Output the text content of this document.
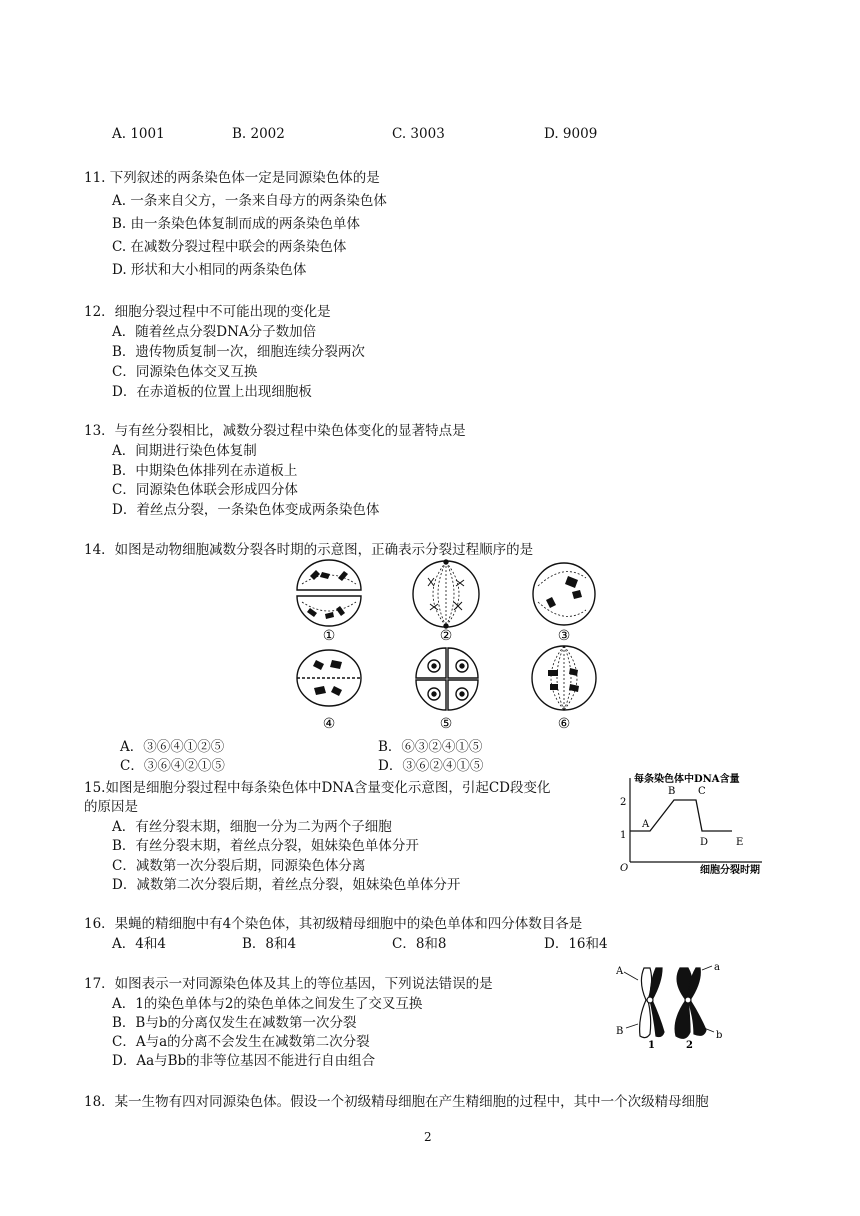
A. 1001	B. 2002	C. 3003	D. 9009
11. 下列叙述的两条染色体一定是同源染色体的是
A. 一条来自父方，一条来自母方的两条染色体
B. 由一条染色体复制而成的两条染色单体
C. 在减数分裂过程中联会的两条染色体
D. 形状和大小相同的两条染色体
12．细胞分裂过程中不可能出现的变化是
A．随着丝点分裂DNA分子数加倍
B．遗传物质复制一次，细胞连续分裂两次
C．同源染色体交叉互换
D．在赤道板的位置上出现细胞板
13．与有丝分裂相比，减数分裂过程中染色体变化的显著特点是
A．间期进行染色体复制
B．中期染色体排列在赤道板上
C．同源染色体联会形成四分体
D．着丝点分裂，一条染色体变成两条染色体
14．如图是动物细胞减数分裂各时期的示意图，正确表示分裂过程顺序的是
①	②	③
④	⑤	⑥
A．③⑥④①②⑤	B．⑥③②④①⑤
C．③⑥④②①⑤	D．③⑥②④①⑤
15.如图是细胞分裂过程中每条染色体中DNA含量变化示意图，引起CD段变化
的原因是
A．有丝分裂末期，细胞一分为二为两个子细胞
B．有丝分裂末期，着丝点分裂，姐妹染色单体分开
C．减数第一次分裂后期，同源染色体分离
D．减数第二次分裂后期，着丝点分裂，姐妹染色单体分开
每条染色体中DNA含量
细胞分裂时期
O
1
2
A
B C
D	E
16．果蝇的精细胞中有4个染色体，其初级精母细胞中的染色单体和四分体数目各是
A．4和4	B．8和4	C．8和8	D．16和4
17．如图表示一对同源染色体及其上的等位基因，下列说法错误的是
A．1的染色单体与2的染色单体之间发生了交叉互换
B．B与b的分离仅发生在减数第一次分裂
C．A与a的分离不会发生在减数第二次分裂
D．Aa与Bb的非等位基因不能进行自由组合
A	a
B	b
1	2
18．某一生物有四对同源染色体。假设一个初级精母细胞在产生精细胞的过程中，其中一个次级精母细胞
2
